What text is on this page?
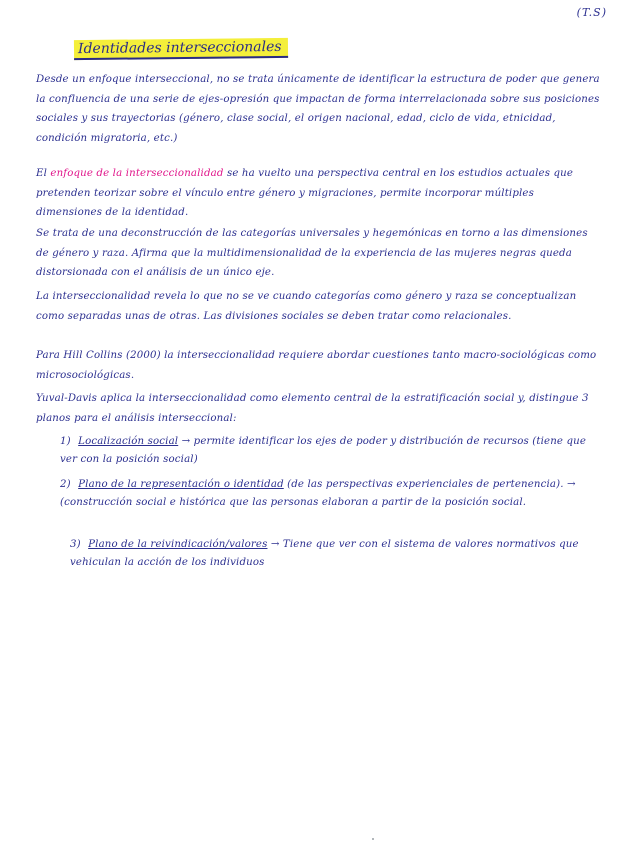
(T.S)
Identidades interseccionales

Desde un enfoque interseccional, no se trata únicamente de identificar la estructura de poder que genera la confluencia de una serie de ejes-opresión que impactan de forma interrelacionada sobre sus posiciones sociales y sus trayectorias (género, clase social, el origen nacional, edad, ciclo de vida, etnicidad, condición migratoria, etc.)

El enfoque de la interseccionalidad se ha vuelto una perspectiva central en los estudios actuales que pretenden teorizar sobre el vínculo entre género y migraciones, permite incorporar múltiples dimensiones de la identidad.

Se trata de una deconstrucción de las categorías universales y hegemónicas en torno a las dimensiones de género y raza. Afirma que la multidimensionalidad de la experiencia de las mujeres negras queda distorsionada con el análisis de un único eje.

La interseccionalidad revela lo que no se ve cuando categorías como género y raza se conceptualizan como separadas unas de otras. Las divisiones sociales se deben tratar como relacionales.

Para Hill Collins (2000) la interseccionalidad requiere abordar cuestiones tanto macro-sociológicas como microsociológicas.

Yuval-Davis aplica la interseccionalidad como elemento central de la estratificación social y, distingue 3 planos para el análisis interseccional:

1) Localización social → permite identificar los ejes de poder y distribución de recursos (tiene que ver con la posición social)

2) Plano de la representación o identidad (de las perspectivas experienciales de pertenencia). → (construcción social e histórica que las personas elaboran a partir de la posición social.

3) Plano de la reivindicación/valores → Tiene que ver con el sistema de valores normativos que vehiculan la acción de los individuos
